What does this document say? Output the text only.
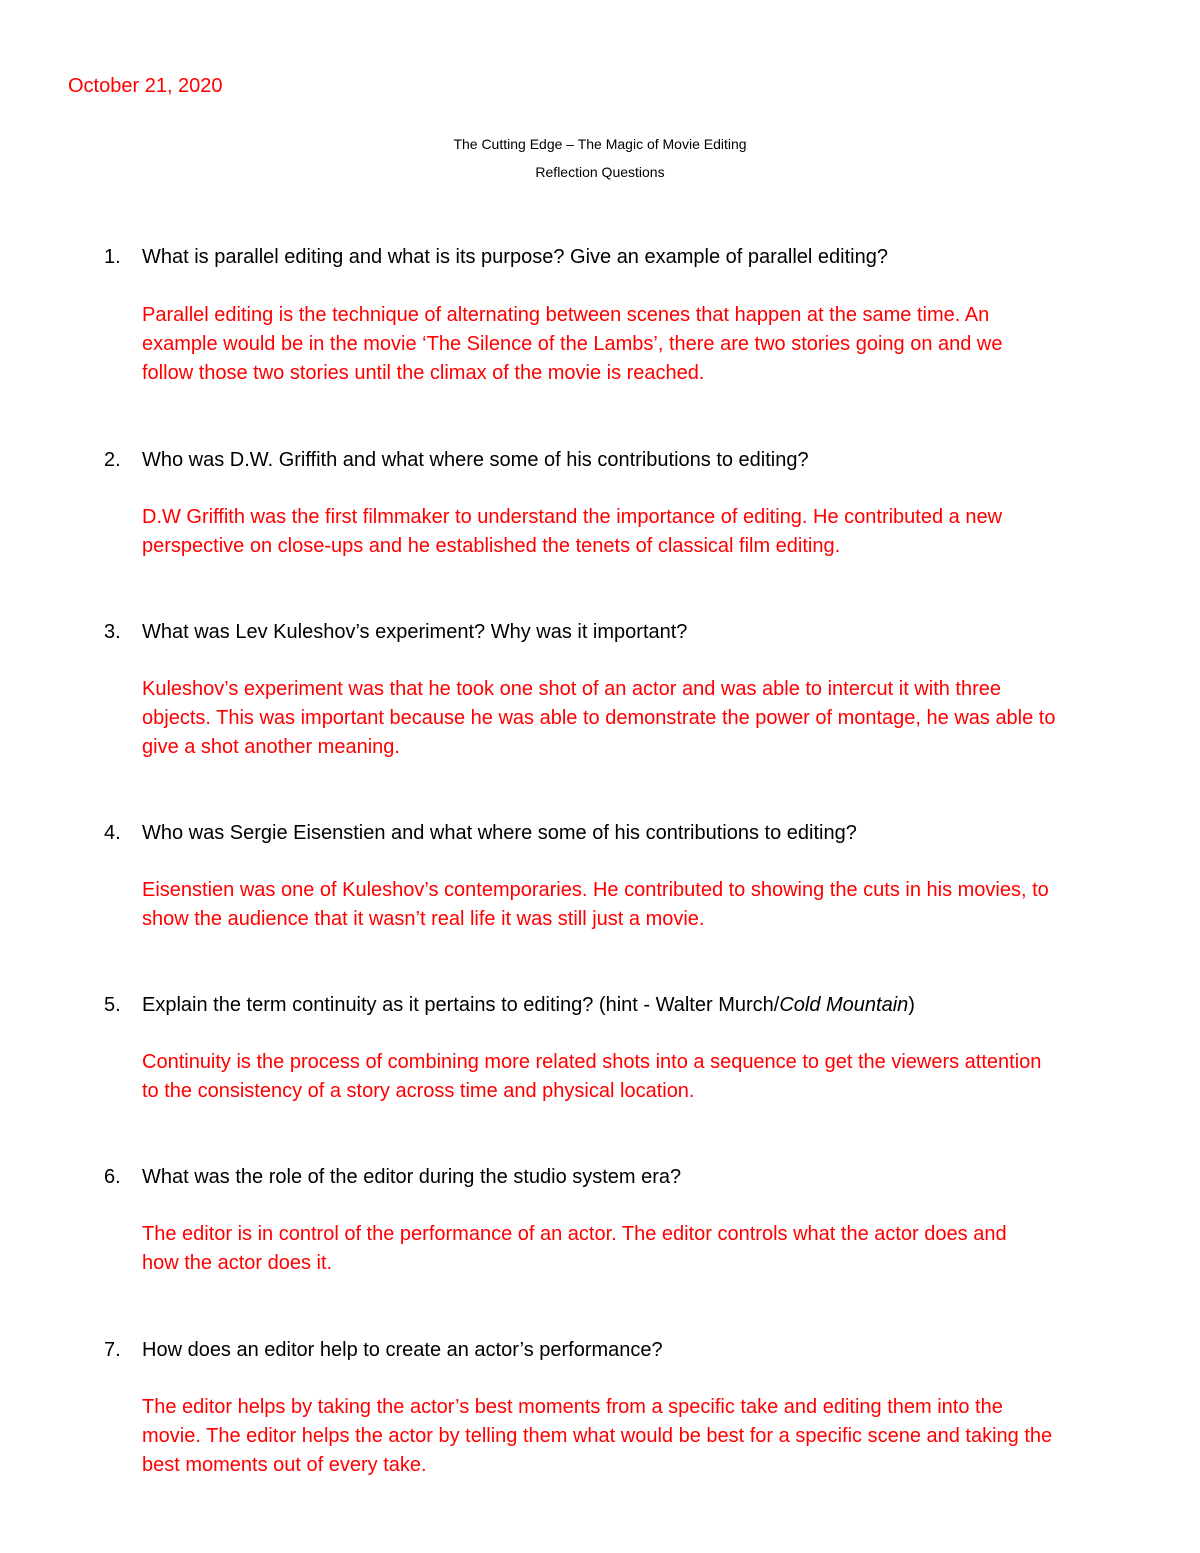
October 21, 2020
The Cutting Edge – The Magic of Movie Editing
Reflection Questions
1. What is parallel editing and what is its purpose? Give an example of parallel editing?
Parallel editing is the technique of alternating between scenes that happen at the same time. An
example would be in the movie ‘The Silence of the Lambs’, there are two stories going on and we
follow those two stories until the climax of the movie is reached.
2. Who was D.W. Griffith and what where some of his contributions to editing?
D.W Griffith was the first filmmaker to understand the importance of editing. He contributed a new
perspective on close-ups and he established the tenets of classical film editing.
3. What was Lev Kuleshov’s experiment? Why was it important?
Kuleshov’s experiment was that he took one shot of an actor and was able to intercut it with three
objects. This was important because he was able to demonstrate the power of montage, he was able to
give a shot another meaning.
4. Who was Sergie Eisenstien and what where some of his contributions to editing?
Eisenstien was one of Kuleshov’s contemporaries. He contributed to showing the cuts in his movies, to
show the audience that it wasn’t real life it was still just a movie.
5. Explain the term continuity as it pertains to editing? (hint - Walter Murch/Cold Mountain)
Continuity is the process of combining more related shots into a sequence to get the viewers attention
to the consistency of a story across time and physical location.
6. What was the role of the editor during the studio system era?
The editor is in control of the performance of an actor. The editor controls what the actor does and
how the actor does it.
7. How does an editor help to create an actor’s performance?
The editor helps by taking the actor’s best moments from a specific take and editing them into the
movie. The editor helps the actor by telling them what would be best for a specific scene and taking the
best moments out of every take.
